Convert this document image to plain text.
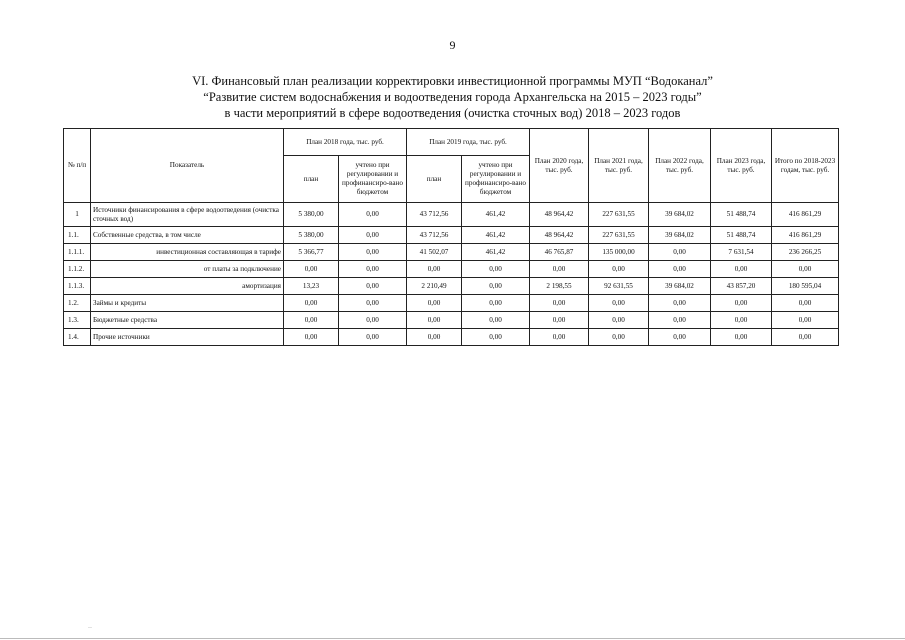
9
VI. Финансовый план реализации корректировки инвестиционной программы МУП “Водоканал”
“Развитие систем водоснабжения и водоотведения города Архангельска на 2015 – 2023 годы”
в части мероприятий в сфере водоотведения (очистка сточных вод) 2018 – 2023 годов
№ п/п	Показатель	План 2018 года, тыс. руб.		План 2019 года, тыс. руб.		План 2020 года, тыс. руб.	План 2021 года, тыс. руб.	План 2022 года, тыс. руб.	План 2023 года, тыс. руб.	Итого по 2018-2023 годам, тыс. руб.
		план	учтено при регулировании и профинансиро-вано бюджетом	план	учтено при регулировании и профинансиро-вано бюджетом					
1	Источники финансирования в сфере водоотведения (очистка сточных вод)	5 380,00	0,00	43 712,56	461,42	48 964,42	227 631,55	39 684,02	51 488,74	416 861,29
1.1.	Собственные средства, в том числе	5 380,00	0,00	43 712,56	461,42	48 964,42	227 631,55	39 684,02	51 488,74	416 861,29
1.1.1.	инвестиционная составляющая в тарифе	5 366,77	0,00	41 502,07	461,42	46 765,87	135 000,00	0,00	7 631,54	236 266,25
1.1.2.	от платы за подключение	0,00	0,00	0,00	0,00	0,00	0,00	0,00	0,00	0,00
1.1.3.	амортизация	13,23	0,00	2 210,49	0,00	2 198,55	92 631,55	39 684,02	43 857,20	180 595,04
1.2.	Займы и кредиты	0,00	0,00	0,00	0,00	0,00	0,00	0,00	0,00	0,00
1.3.	Бюджетные средства	0,00	0,00	0,00	0,00	0,00	0,00	0,00	0,00	0,00
1.4.	Прочие источники	0,00	0,00	0,00	0,00	0,00	0,00	0,00	0,00	0,00
‥
